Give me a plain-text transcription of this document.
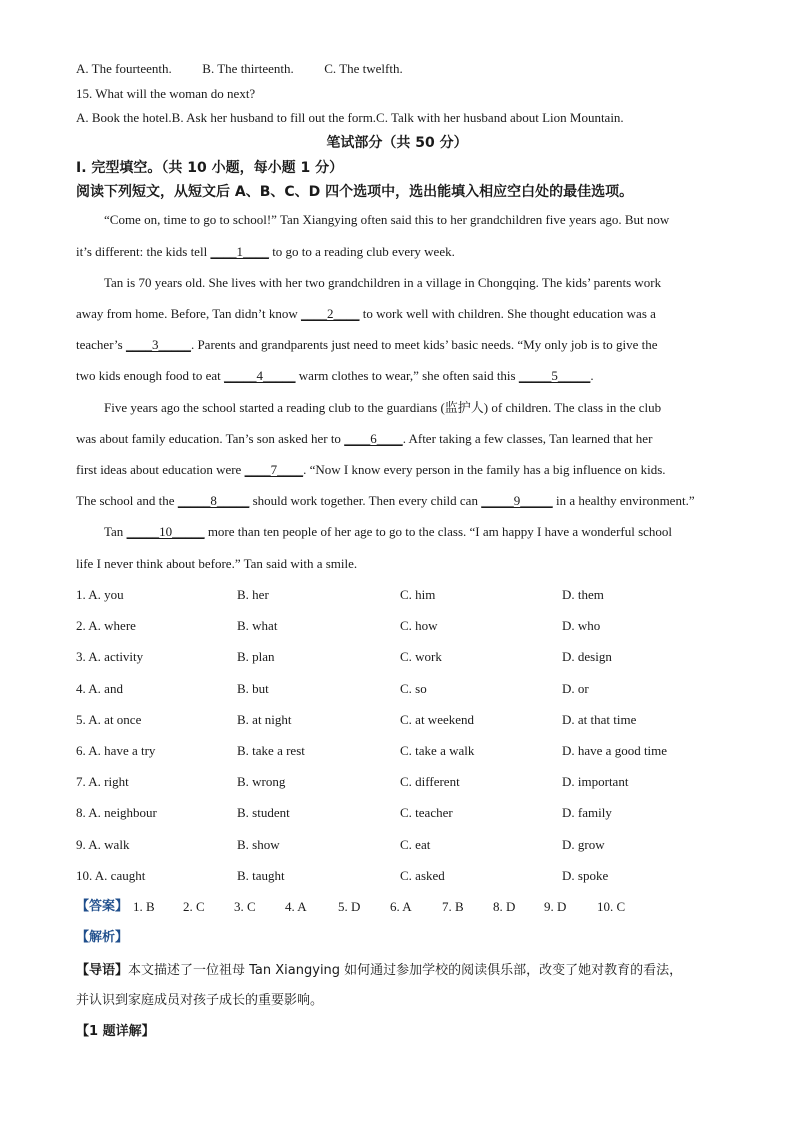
A. The fourteenth. B. The thirteenth. C. The twelfth.
15. What will the woman do next?
A. Book the hotel.B. Ask her husband to fill out the form.C. Talk with her husband about Lion Mountain.
笔试部分（共 50 分）
I. 完型填空。（共 10 小题，每小题 1 分）
阅读下列短文，从短文后 A、B、C、D 四个选项中，选出能填入相应空白处的最佳选项。
“Come on, time to go to school!” Tan Xiangying often said this to her grandchildren five years ago. But now
it’s different: the kids tell ____1____ to go to a reading club every week.
Tan is 70 years old. She lives with her two grandchildren in a village in Chongqing. The kids’ parents work
away from home. Before, Tan didn’t know ____2____ to work well with children. She thought education was a
teacher’s ____3_____. Parents and grandparents just need to meet kids’ basic needs. “My only job is to give the
two kids enough food to eat _____4_____ warm clothes to wear,” she often said this _____5_____.
Five years ago the school started a reading club to the guardians (监护人) of children. The class in the club
was about family education. Tan’s son asked her to ____6____. After taking a few classes, Tan learned that her
first ideas about education were ____7____. “Now I know every person in the family has a big influence on kids.
The school and the _____8_____ should work together. Then every child can _____9_____ in a healthy environment.”
Tan _____10_____ more than ten people of her age to go to the class. “I am happy I have a wonderful school
life I never think about before.” Tan said with a smile.
1. A. you	B. her	C. him	D. them
2. A. where	B. what	C. how	D. who
3. A. activity	B. plan	C. work	D. design
4. A. and	B. but	C. so	D. or
5. A. at once	B. at night	C. at weekend	D. at that time
6. A. have a try	B. take a rest	C. take a walk	D. have a good time
7. A. right	B. wrong	C. different	D. important
8. A. neighbour	B. student	C. teacher	D. family
9. A. walk	B. show	C. eat	D. grow
10. A. caught	B. taught	C. asked	D. spoke
【答案】 1. B 2. C 3. C 4. A 5. D 6. A 7. B 8. D 9. D 10. C
【解析】
【导语】本文描述了一位祖母 Tan Xiangying 如何通过参加学校的阅读俱乐部，改变了她对教育的看法，
并认识到家庭成员对孩子成长的重要影响。
【1 题详解】
